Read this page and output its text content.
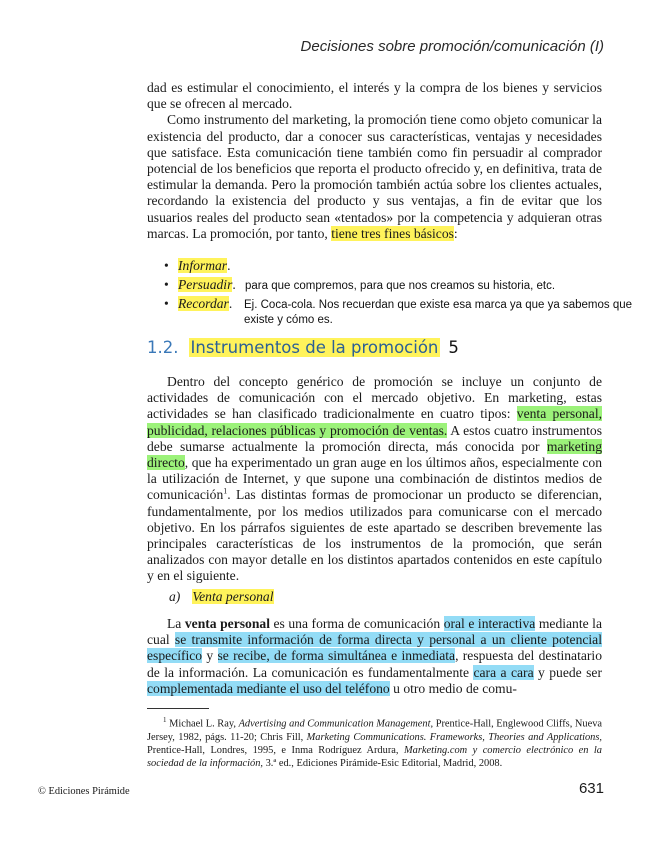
Decisiones sobre promoción/comunicación (I)

dad es estimular el conocimiento, el interés y la compra de los bienes y servicios que se ofrecen al mercado.

Como instrumento del marketing, la promoción tiene como objeto comunicar la existencia del producto, dar a conocer sus características, ventajas y necesidades que satisface. Esta comunicación tiene también como fin persuadir al comprador potencial de los beneficios que reporta el producto ofrecido y, en definitiva, trata de estimular la demanda. Pero la promoción también actúa sobre los clientes actuales, recordando la existencia del producto y sus ventajas, a fin de evitar que los usuarios reales del producto sean «tentados» por la competencia y adquieran otras marcas. La promoción, por tanto, tiene tres fines básicos:

• Informar.
• Persuadir.
• Recordar.
para que compremos, para que nos creamos su historia, etc.
Ej. Coca-cola. Nos recuerdan que existe esa marca ya que ya sabemos que existe y cómo es.
1.2. Instrumentos de la promoción 5

Dentro del concepto genérico de promoción se incluye un conjunto de actividades de comunicación con el mercado objetivo. En marketing, estas actividades se han clasificado tradicionalmente en cuatro tipos: venta personal, publicidad, relaciones públicas y promoción de ventas. A estos cuatro instrumentos debe sumarse actualmente la promoción directa, más conocida por marketing directo, que ha experimentado un gran auge en los últimos años, especialmente con la utilización de Internet, y que supone una combinación de distintos medios de comunicación$^1$. Las distintas formas de promocionar un producto se diferencian, fundamentalmente, por los medios utilizados para comunicarse con el mercado objetivo. En los párrafos siguientes de este apartado se describen brevemente las principales características de los instrumentos de la promoción, que serán analizados con mayor detalle en los distintos apartados contenidos en este capítulo y en el siguiente.

a) Venta personal

La venta personal es una forma de comunicación oral e interactiva mediante la cual se transmite información de forma directa y personal a un cliente potencial específico y se recibe, de forma simultánea e inmediata, respuesta del destinatario de la información. La comunicación es fundamentalmente cara a cara y puede ser complementada mediante el uso del teléfono u otro medio de comu-

$^1$ Michael L. Ray, Advertising and Communication Management, Prentice-Hall, Englewood Cliffs, Nueva Jersey, 1982, págs. 11-20; Chris Fill, Marketing Communications. Frameworks, Theories and Applications, Prentice-Hall, Londres, 1995, e Inma Rodríguez Ardura, Marketing.com y comercio electrónico en la sociedad de la información, 3.ª ed., Ediciones Pirámide-Esic Editorial, Madrid, 2008.

© Ediciones Pirámide	631
